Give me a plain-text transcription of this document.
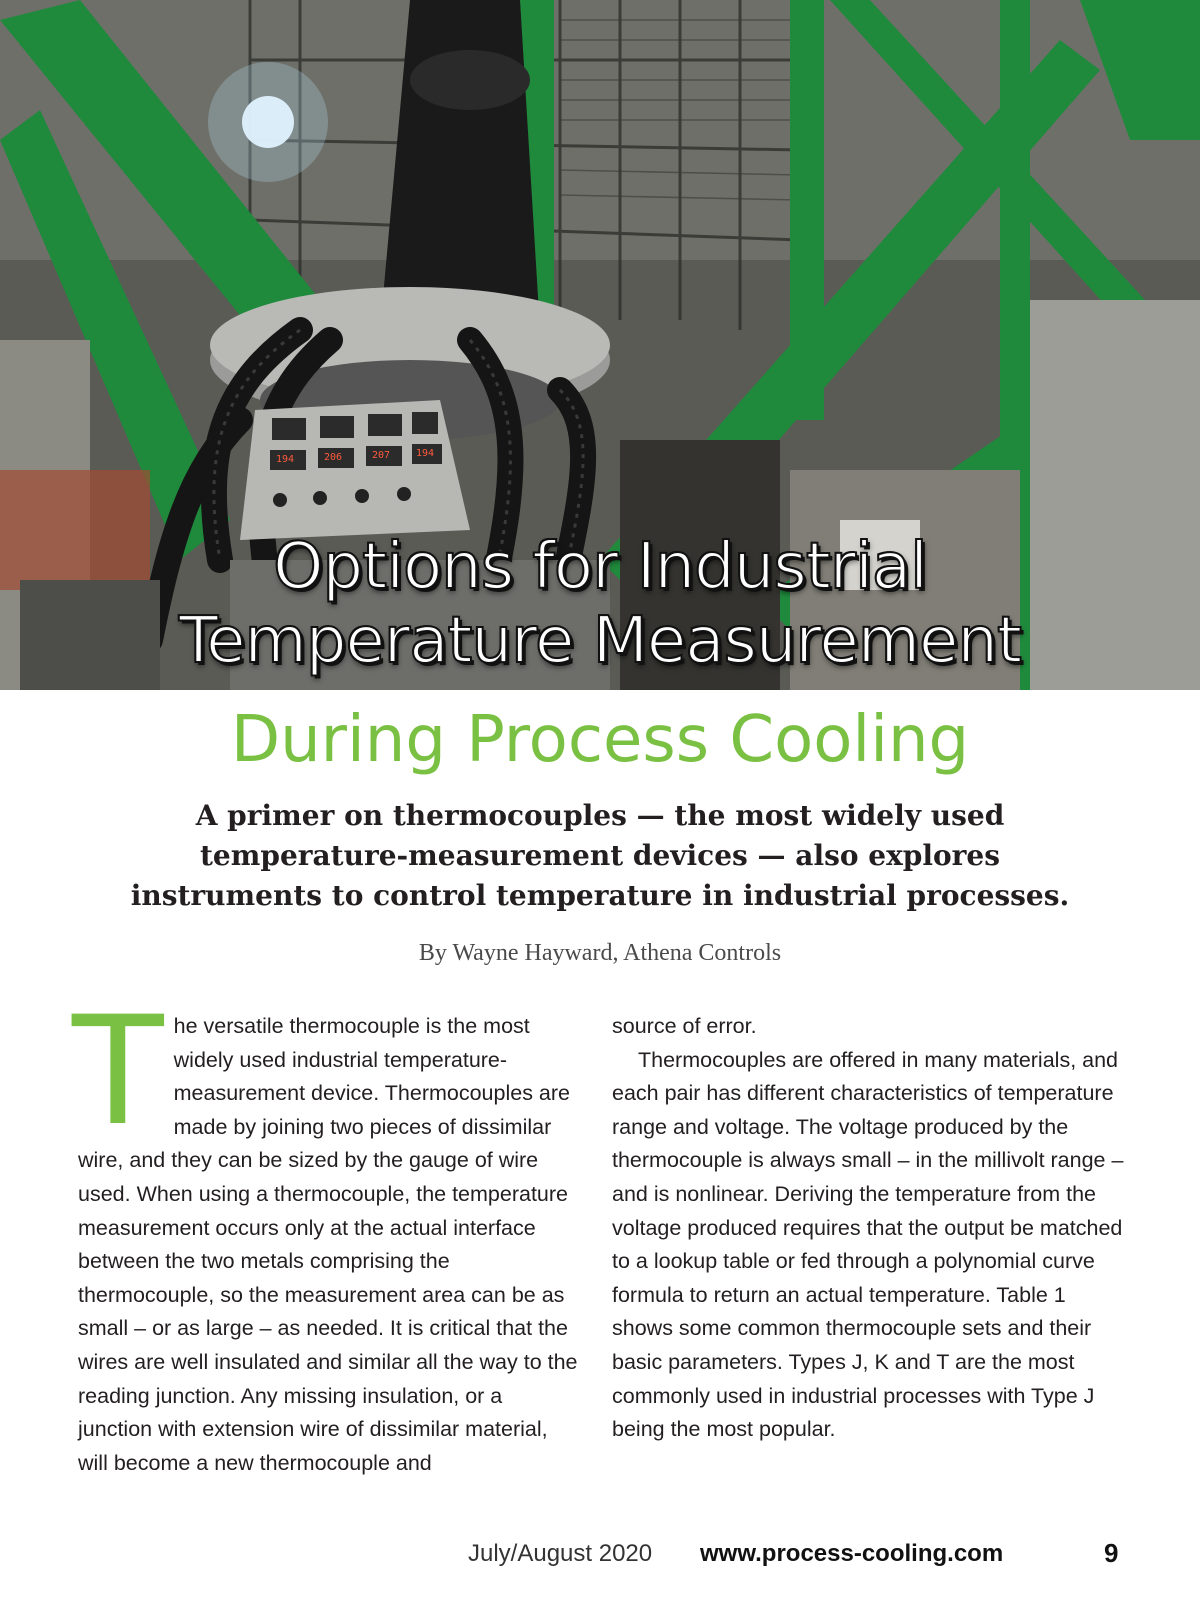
194	206	207	194
Options for Industrial
Temperature Measurement
During Process Cooling
A primer on thermocouples — the most widely used temperature-measurement devices — also explores instruments to control temperature in industrial processes.
By Wayne Hayward, Athena Controls

The versatile thermocouple is the most widely used industrial temperature-measurement device. Thermocouples are made by joining two pieces of dissimilar wire, and they can be sized by the gauge of wire used. When using a thermocouple, the temperature measurement occurs only at the actual interface between the two metals comprising the thermocouple, so the measurement area can be as small – or as large – as needed. It is critical that the wires are well insulated and similar all the way to the reading junction. Any missing insulation, or a junction with extension wire of dissimilar material, will become a new thermocouple and

source of error.

Thermocouples are offered in many materials, and each pair has different characteristics of temperature range and voltage. The voltage produced by the thermocouple is always small – in the millivolt range – and is nonlinear. Deriving the temperature from the voltage produced requires that the output be matched to a lookup table or fed through a polynomial curve formula to return an actual temperature. Table 1 shows some common thermocouple sets and their basic parameters. Types J, K and T are the most commonly used in industrial processes with Type J being the most popular.

July/August 2020 www.process-cooling.com	9
